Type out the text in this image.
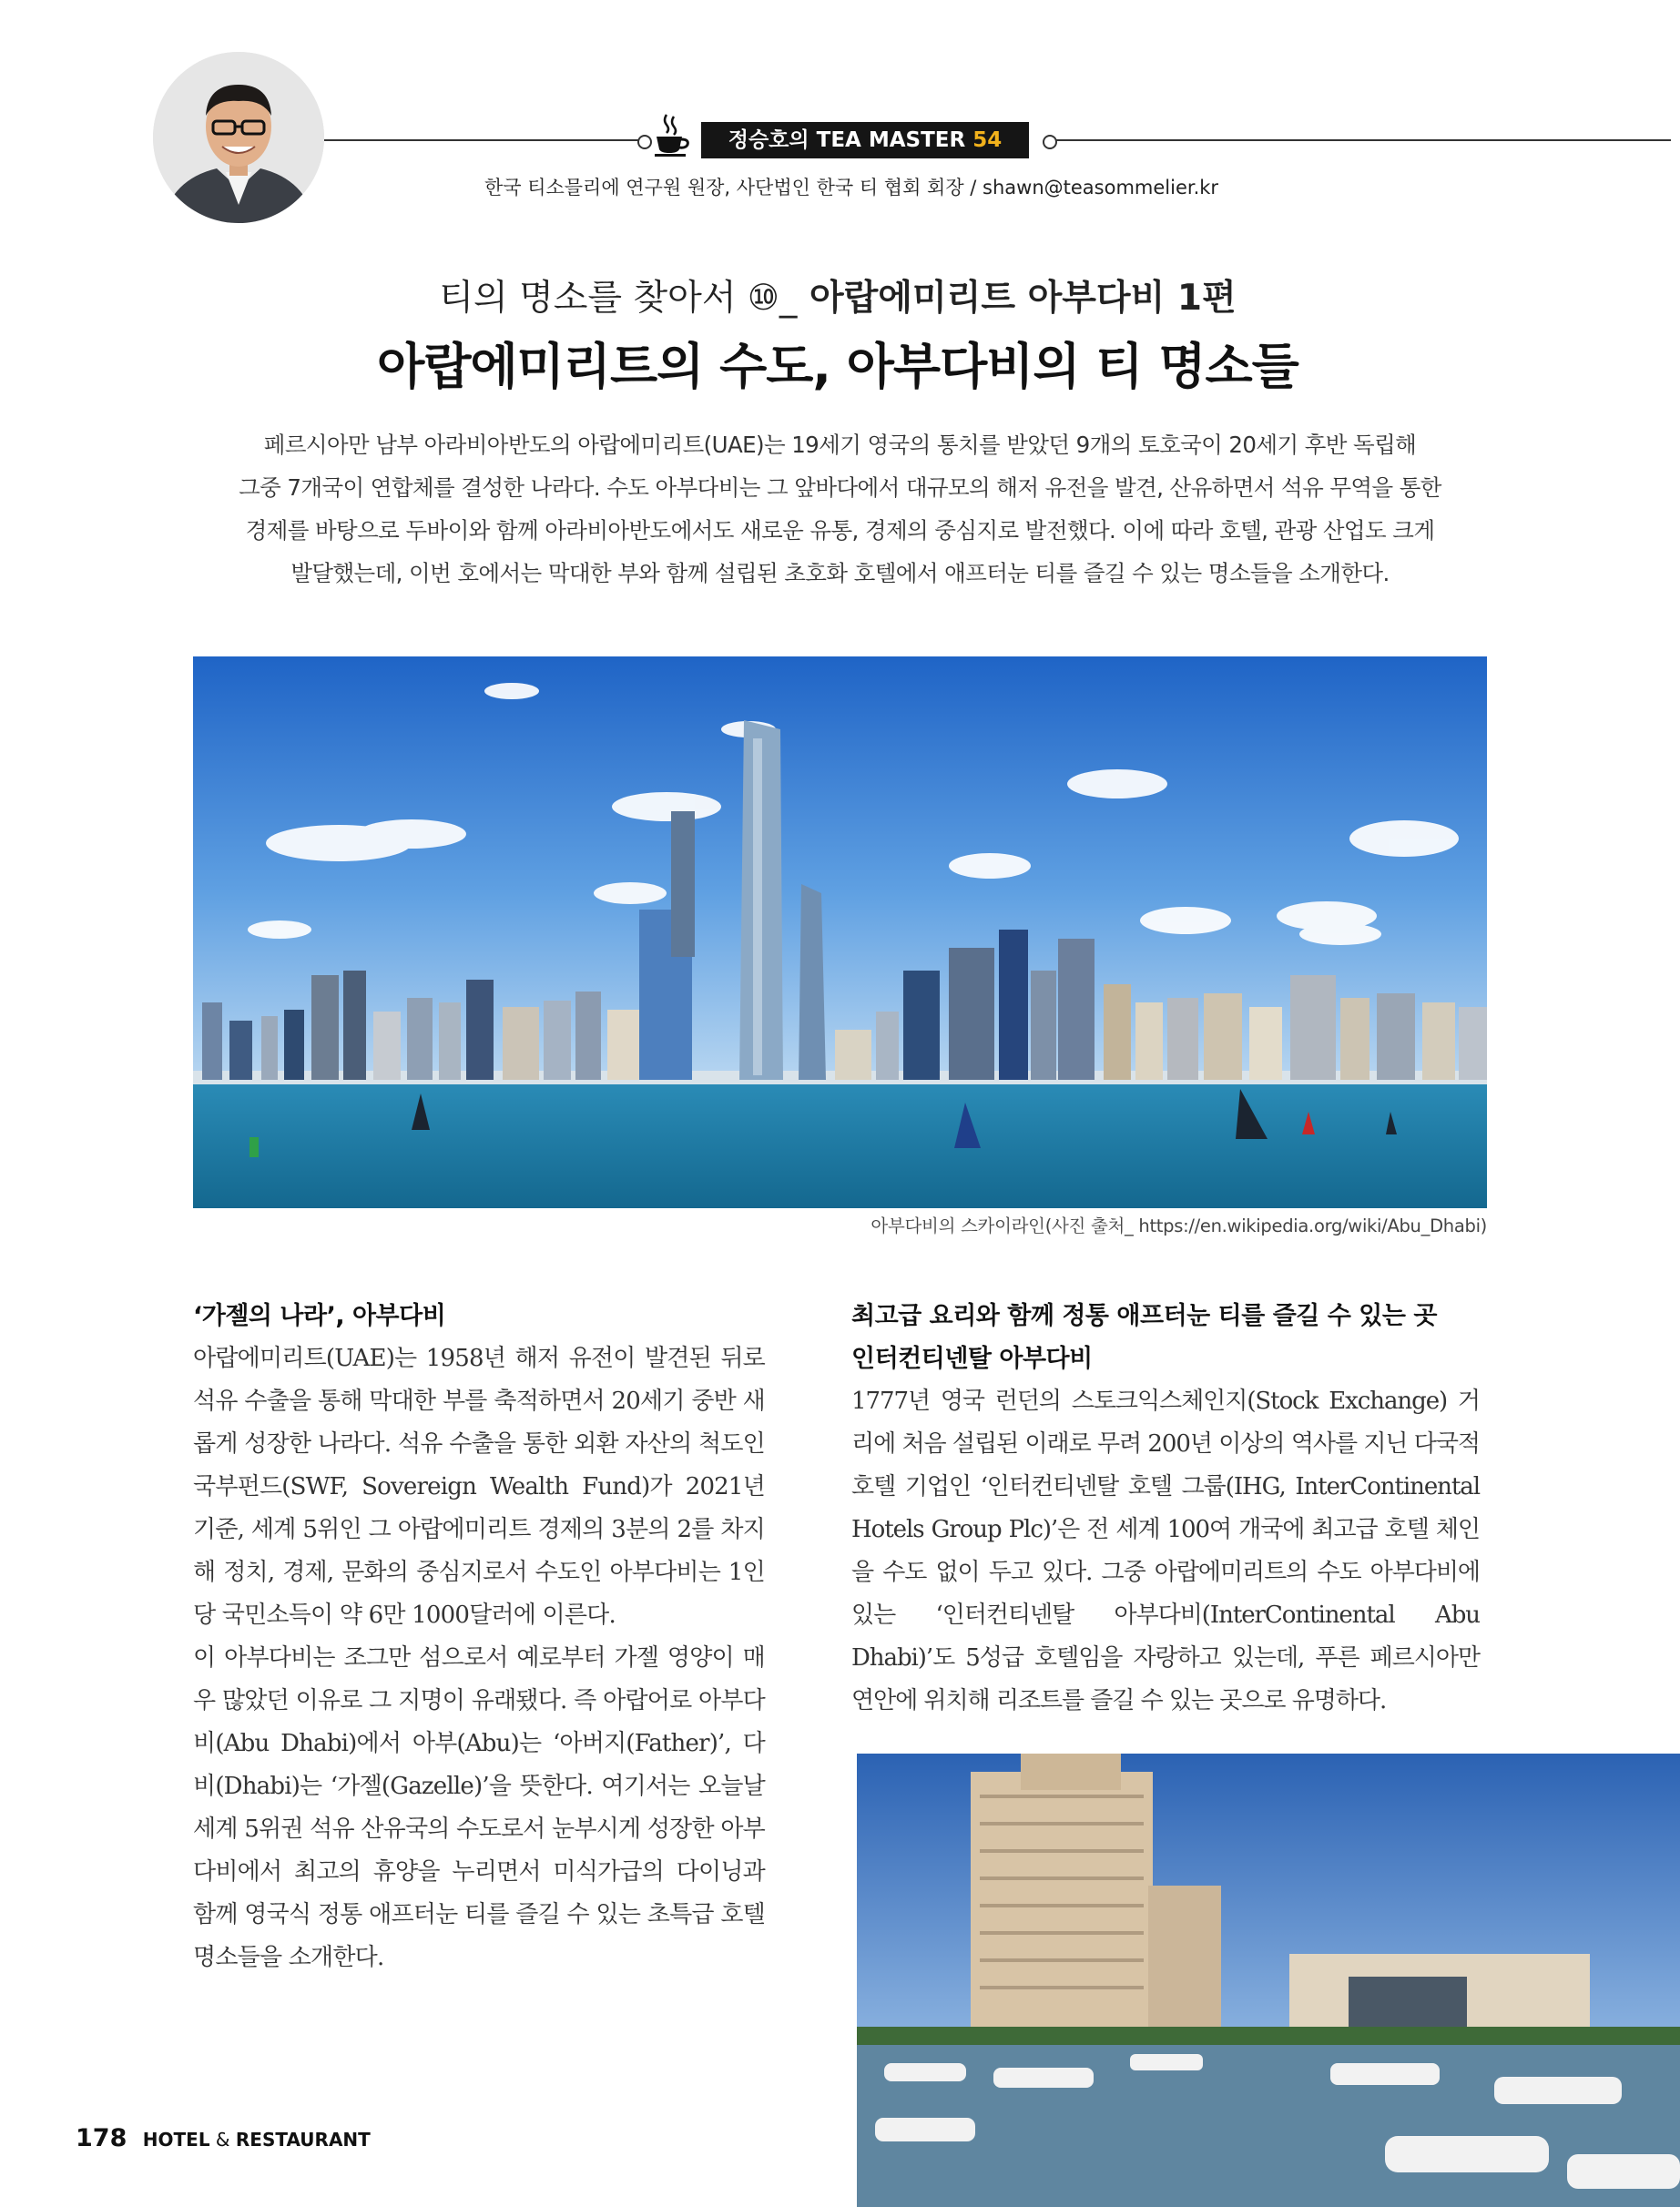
정승호의 TEA MASTER 54
한국 티소믈리에 연구원 원장, 사단법인 한국 티 협회 회장 / shawn@teasommelier.kr
티의 명소를 찾아서 ⑩_ 아랍에미리트 아부다비 1편
아랍에미리트의 수도, 아부다비의 티 명소들
페르시아만 남부 아라비아반도의 아랍에미리트(UAE)는 19세기 영국의 통치를 받았던 9개의 토호국이 20세기 후반 독립해
그중 7개국이 연합체를 결성한 나라다. 수도 아부다비는 그 앞바다에서 대규모의 해저 유전을 발견, 산유하면서 석유 무역을 통한
경제를 바탕으로 두바이와 함께 아라비아반도에서도 새로운 유통, 경제의 중심지로 발전했다. 이에 따라 호텔, 관광 산업도 크게
발달했는데, 이번 호에서는 막대한 부와 함께 설립된 초호화 호텔에서 애프터눈 티를 즐길 수 있는 명소들을 소개한다.
아부다비의 스카이라인(사진 출처_ https://en.wikipedia.org/wiki/Abu_Dhabi)
‘가젤의 나라’, 아부다비
아랍에미리트(UAE)는 1958년 해저 유전이 발견된 뒤로 석유 수출을 통해 막대한 부를 축적하면서 20세기 중반 새롭게 성장한 나라다. 석유 수출을 통한 외환 자산의 척도인 국부펀드(SWF, Sovereign Wealth Fund)가 2021년 기준, 세계 5위인 그 아랍에미리트 경제의 3분의 2를 차지해 정치, 경제, 문화의 중심지로서 수도인 아부다비는 1인당 국민소득이 약 6만 1000달러에 이른다.
이 아부다비는 조그만 섬으로서 예로부터 가젤 영양이 매우 많았던 이유로 그 지명이 유래됐다. 즉 아랍어로 아부다비(Abu Dhabi)에서 아부(Abu)는 ‘아버지(Father)’, 다비(Dhabi)는 ‘가젤(Gazelle)’을 뜻한다. 여기서는 오늘날 세계 5위권 석유 산유국의 수도로서 눈부시게 성장한 아부다비에서 최고의 휴양을 누리면서 미식가급의 다이닝과 함께 영국식 정통 애프터눈 티를 즐길 수 있는 초특급 호텔 명소들을 소개한다.
최고급 요리와 함께 정통 애프터눈 티를 즐길 수 있는 곳
인터컨티넨탈 아부다비
1777년 영국 런던의 스토크익스체인지(Stock Exchange) 거리에 처음 설립된 이래로 무려 200년 이상의 역사를 지닌 다국적 호텔 기업인 ‘인터컨티넨탈 호텔 그룹(IHG, InterContinental Hotels Group Plc)’은 전 세계 100여 개국에 최고급 호텔 체인을 수도 없이 두고 있다. 그중 아랍에미리트의 수도 아부다비에 있는 ‘인터컨티넨탈 아부다비(InterContinental Abu Dhabi)’도 5성급 호텔임을 자랑하고 있는데, 푸른 페르시아만 연안에 위치해 리조트를 즐길 수 있는 곳으로 유명하다.
178 HOTEL & RESTAURANT
